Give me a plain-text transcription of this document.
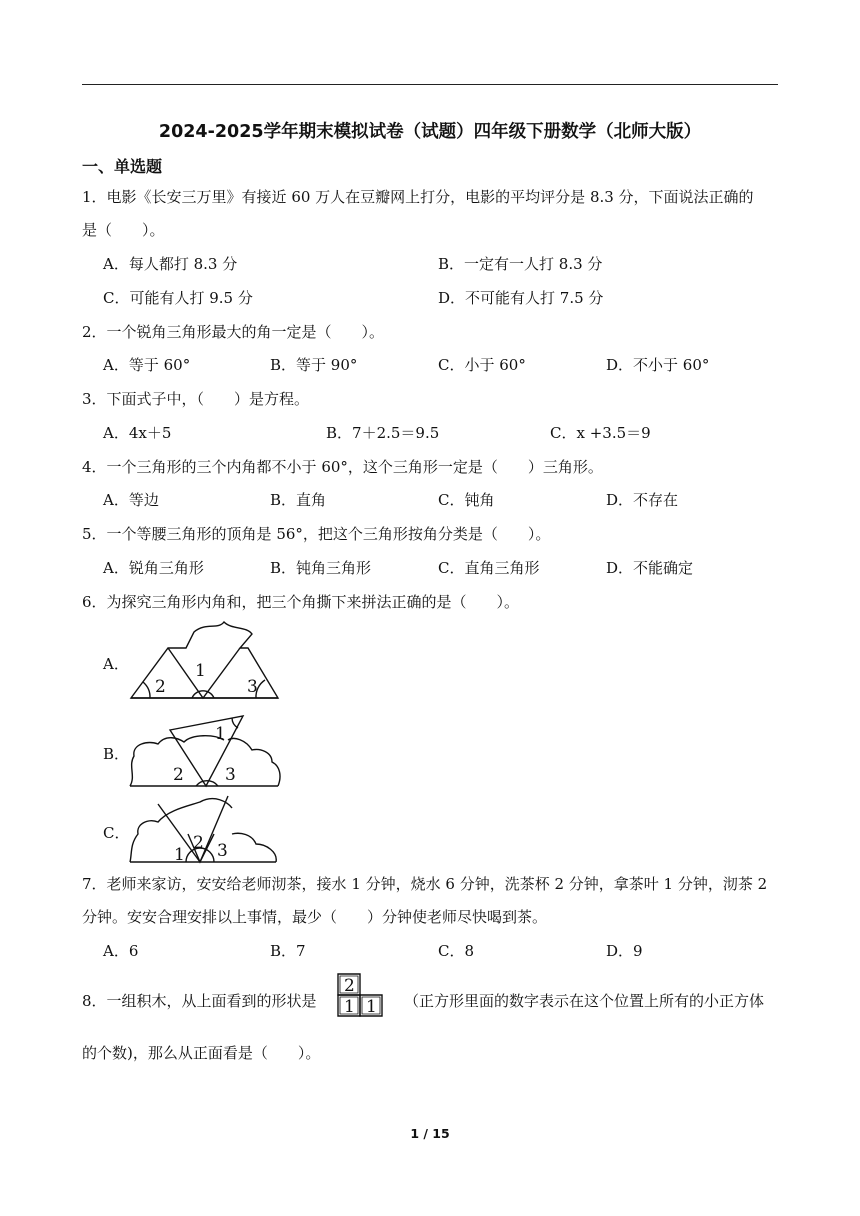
2024-2025学年期末模拟试卷（试题）四年级下册数学（北师大版）
一、单选题
1．电影《长安三万里》有接近 60 万人在豆瓣网上打分，电影的平均评分是 8.3 分，下面说法正确的
是（　　）。
A．每人都打 8.3 分	B．一定有一人打 8.3 分
C．可能有人打 9.5 分	D．不可能有人打 7.5 分
2．一个锐角三角形最大的角一定是（　　）。
A．等于 60°	B．等于 90°	C．小于 60°	D．不小于 60°
3．下面式子中，（　　）是方程。
A．4x＋5	B．7＋2.5＝9.5	C．x +3.5＝9
4．一个三角形的三个内角都不小于 60°，这个三角形一定是（　　）三角形。
A．等边	B．直角	C．钝角	D．不存在
5．一个等腰三角形的顶角是 56°，把这个三角形按角分类是（　　）。
A．锐角三角形	B．钝角三角形	C．直角三角形	D．不能确定
6．为探究三角形内角和，把三个角撕下来拼法正确的是（　　）。
A．	1
2	3
B．
1
2 3
C．
1
2 3
7．老师来家访，安安给老师沏茶，接水 1 分钟，烧水 6 分钟，洗茶杯 2 分钟，拿茶叶 1 分钟，沏茶 2
分钟。安安合理安排以上事情，最少（　　）分钟使老师尽快喝到茶。
A．6	B．7	C．8	D．9
8．一组积木，从上面看到的形状是
2
1 1 （正方形里面的数字表示在这个位置上所有的小正方体
的个数)，那么从正面看是（　　）。
1 / 15
